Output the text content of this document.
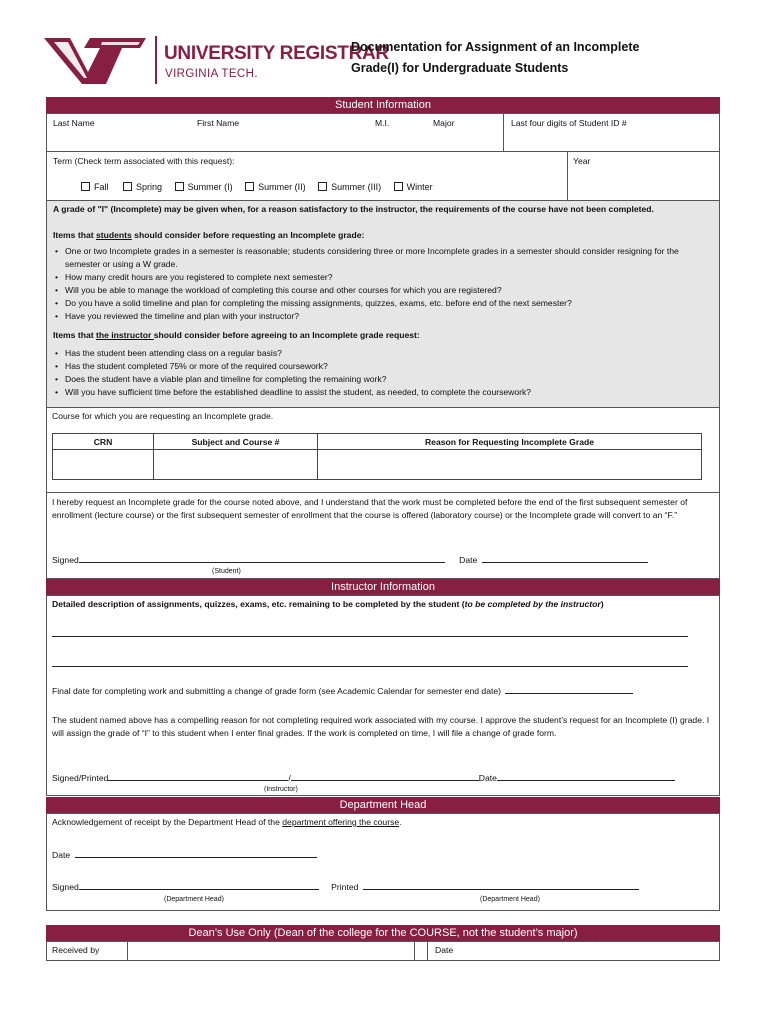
UNIVERSITY REGISTRAR
VIRGINIA TECH.
Documentation for Assignment of an Incomplete
Grade(I) for Undergraduate Students
Student Information
Last Name	First Name	M.I.	Major	Last four digits of Student ID #
Term (Check term associated with this request):	Year
Fall	Spring	Summer (I)	Summer (II)	Summer (III)	Winter
A grade of "I" (Incomplete) may be given when, for a reason satisfactory to the instructor, the requirements of the course have not been completed.
Items that students should consider before requesting an Incomplete grade:
• One or two Incomplete grades in a semester is reasonable; students considering three or more Incomplete grades in a semester should consider resigning for the semester or using a W grade.
• How many credit hours are you registered to complete next semester?
• Will you be able to manage the workload of completing this course and other courses for which you are registered?
• Do you have a solid timeline and plan for completing the missing assignments, quizzes, exams, etc. before end of the next semester?
• Have you reviewed the timeline and plan with your instructor?
Items that the instructor should consider before agreeing to an Incomplete grade request:
• Has the student been attending class on a regular basis?
• Has the student completed 75% or more of the required coursework?
• Does the student have a viable plan and timeline for completing the remaining work?
• Will you have sufficient time before the established deadline to assist the student, as needed, to complete the coursework?
Course for which you are requesting an Incomplete grade.
CRN	Subject and Course #	Reason for Requesting Incomplete Grade

I hereby request an Incomplete grade for the course noted above, and I understand that the work must be completed before the end of the first subsequent semester of enrollment (lecture course) or the first subsequent semester of enrollment that the course is offered (laboratory course) or the Incomplete grade will convert to an “F.”
Signed	Date
(Student)
Instructor Information
Detailed description of assignments, quizzes, exams, etc. remaining to be completed by the student (to be completed by the instructor)
Final date for completing work and submitting a change of grade form (see Academic Calendar for semester end date)
The student named above has a compelling reason for not completing required work associated with my course. I approve the student’s request for an Incomplete (I) grade. I will assign the grade of “I” to this student when I enter final grades. If the work is completed on time, I will file a change of grade form.
Signed/Printed	/	Date
(Instructor)
Department Head
Acknowledgement of receipt by the Department Head of the department offering the course.
Date
Signed	Printed
(Department Head)	(Department Head)
Dean’s Use Only (Dean of the college for the COURSE, not the student’s major)
Received by	Date
